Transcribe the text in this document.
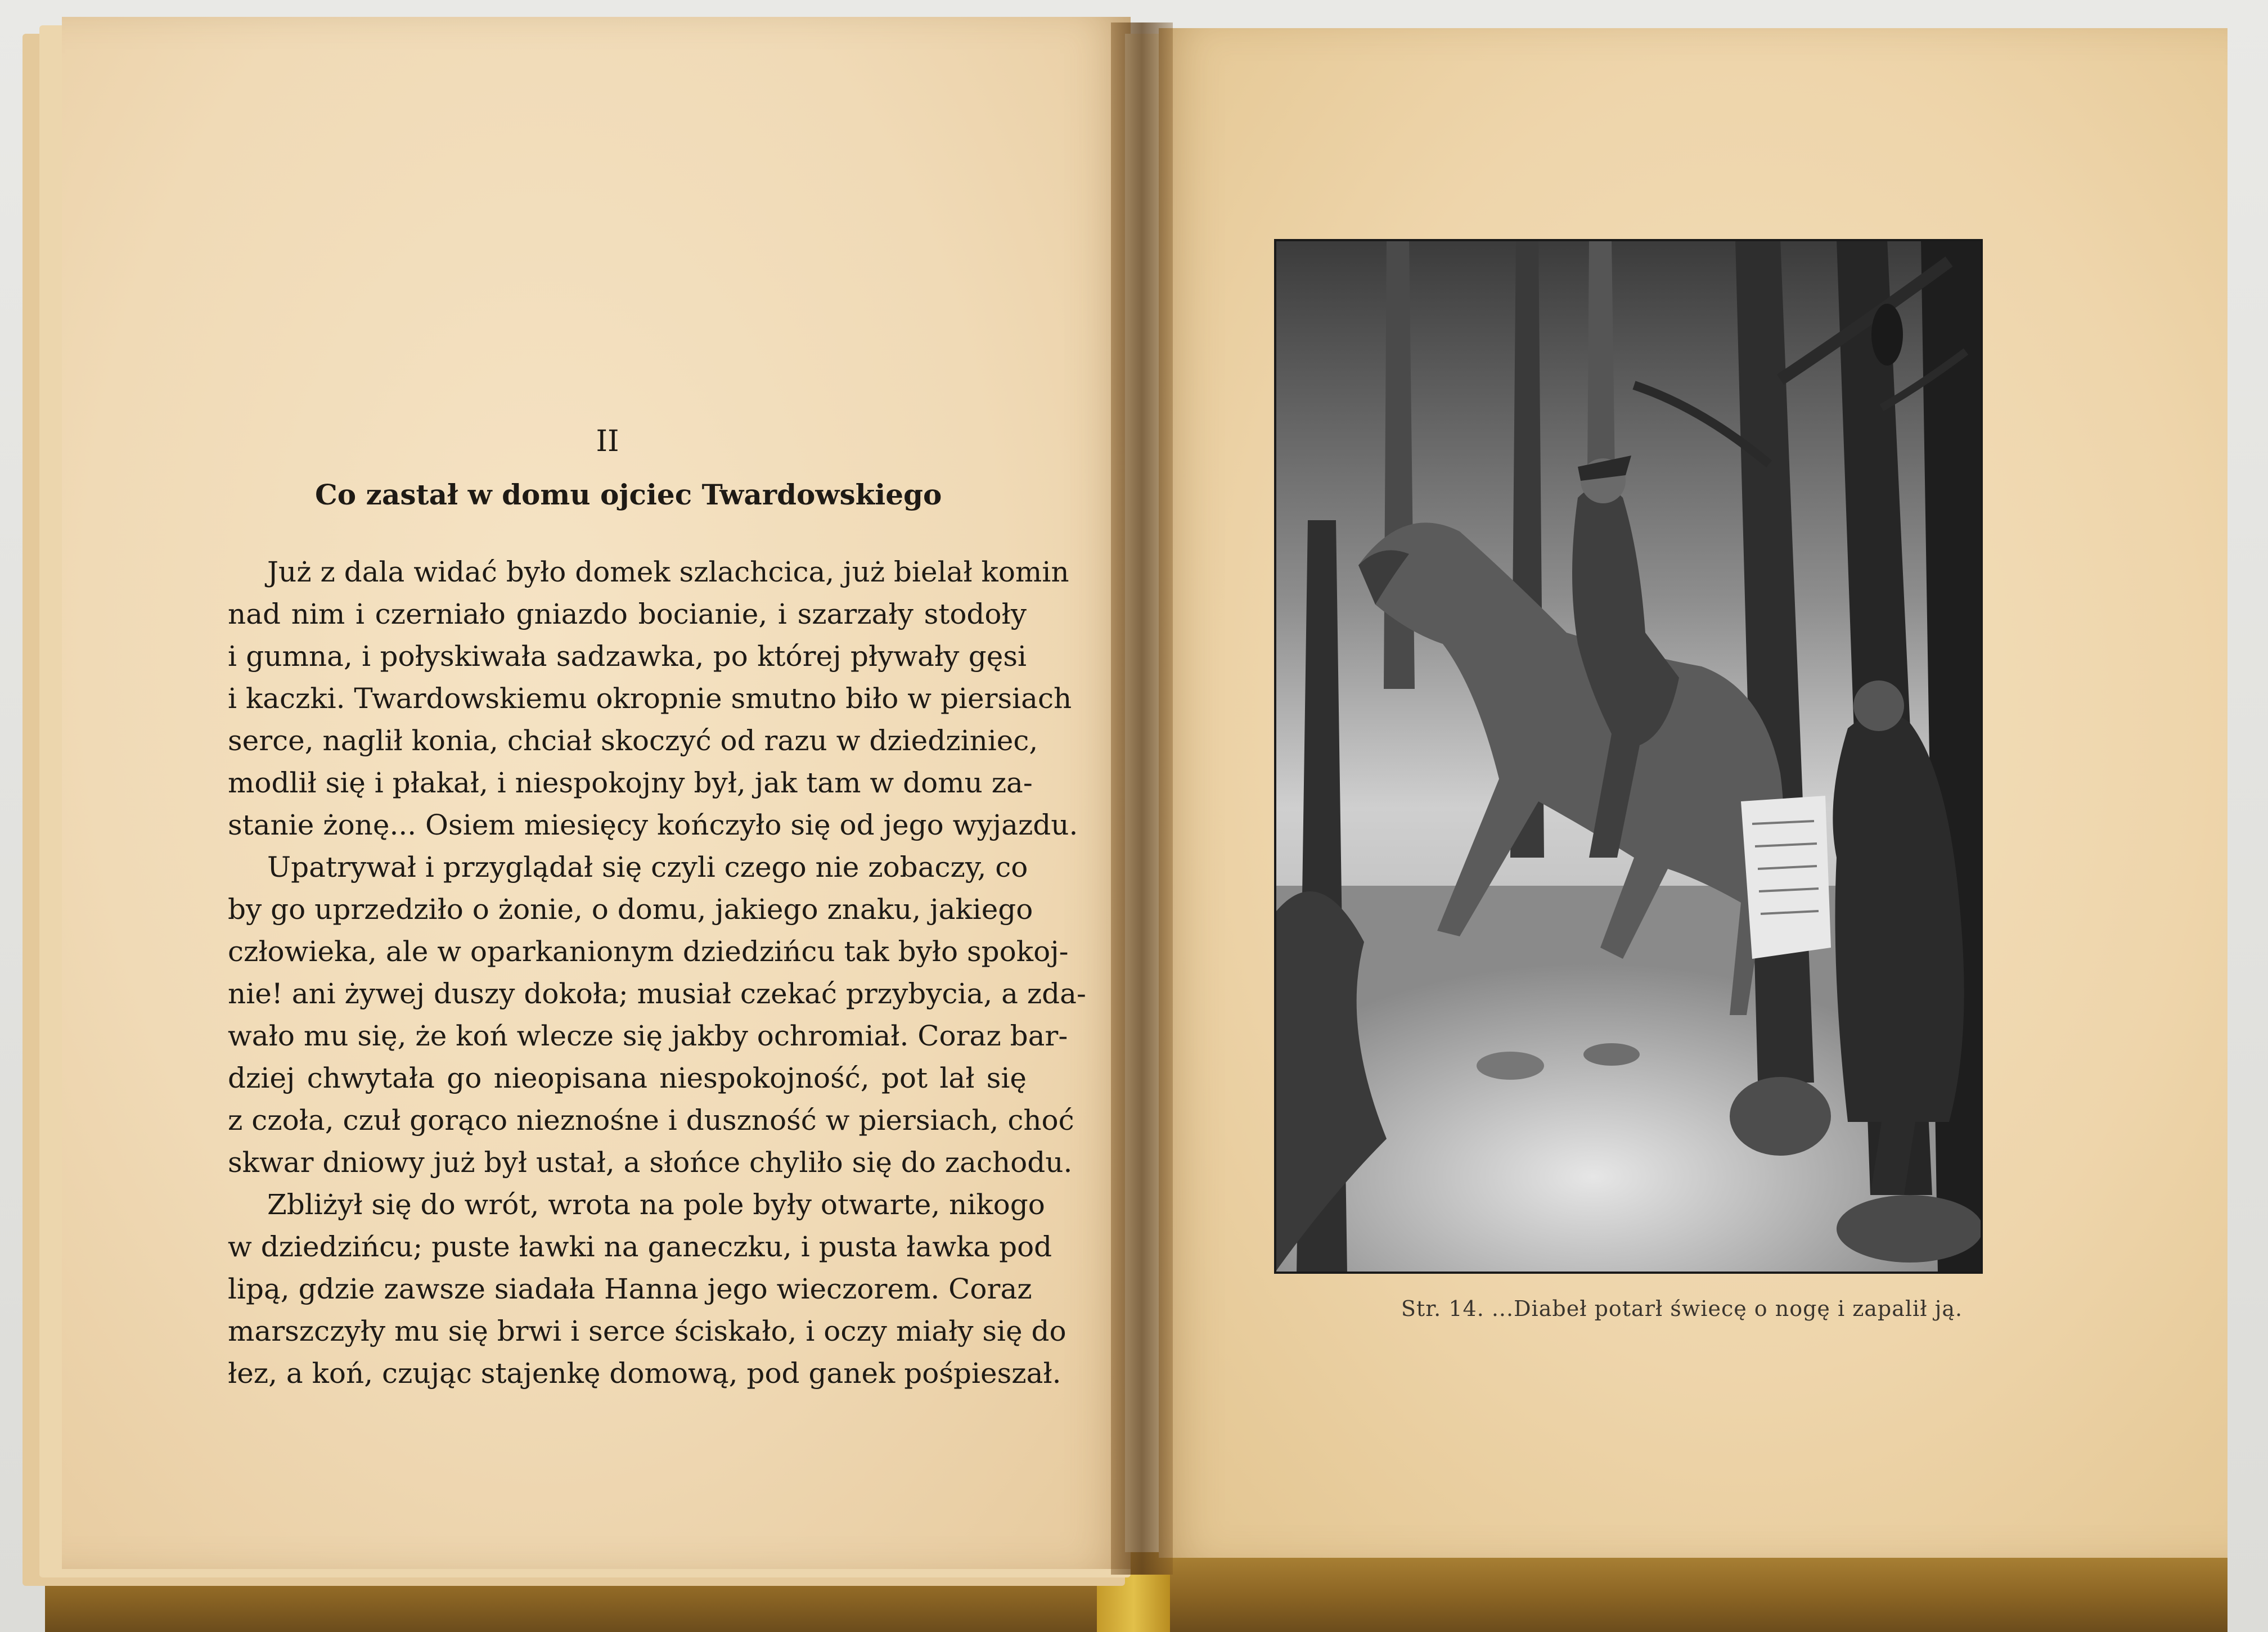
II
Co zastał w domu ojciec Twardowskiego
Już z dala widać było domek szlachcica, już bielał komin
nad nim i czerniało gniazdo bocianie, i szarzały stodoły
i gumna, i połyskiwała sadzawka, po której pływały gęsi
i kaczki. Twardowskiemu okropnie smutno biło w piersiach
serce, naglił konia, chciał skoczyć od razu w dziedziniec,
modlił się i płakał, i niespokojny był, jak tam w domu za-
stanie żonę... Osiem miesięcy kończyło się od jego wyjazdu.
Upatrywał i przyglądał się czyli czego nie zobaczy, co
by go uprzedziło o żonie, o domu, jakiego znaku, jakiego
człowieka, ale w oparkanionym dziedzińcu tak było spokoj-
nie! ani żywej duszy dokoła; musiał czekać przybycia, a zda-
wało mu się, że koń wlecze się jakby ochromiał. Coraz bar-
dziej chwytała go nieopisana niespokojność, pot lał się
z czoła, czuł gorąco nieznośne i duszność w piersiach, choć
skwar dniowy już był ustał, a słońce chyliło się do zachodu.
Zbliżył się do wrót, wrota na pole były otwarte, nikogo
w dziedzińcu; puste ławki na ganeczku, i pusta ławka pod
lipą, gdzie zawsze siadała Hanna jego wieczorem. Coraz
marszczyły mu się brwi i serce ściskało, i oczy miały się do
łez, a koń, czując stajenkę domową, pod ganek pośpieszał.
Str. 14. ...Diabeł potarł świecę o nogę i zapalił ją.
